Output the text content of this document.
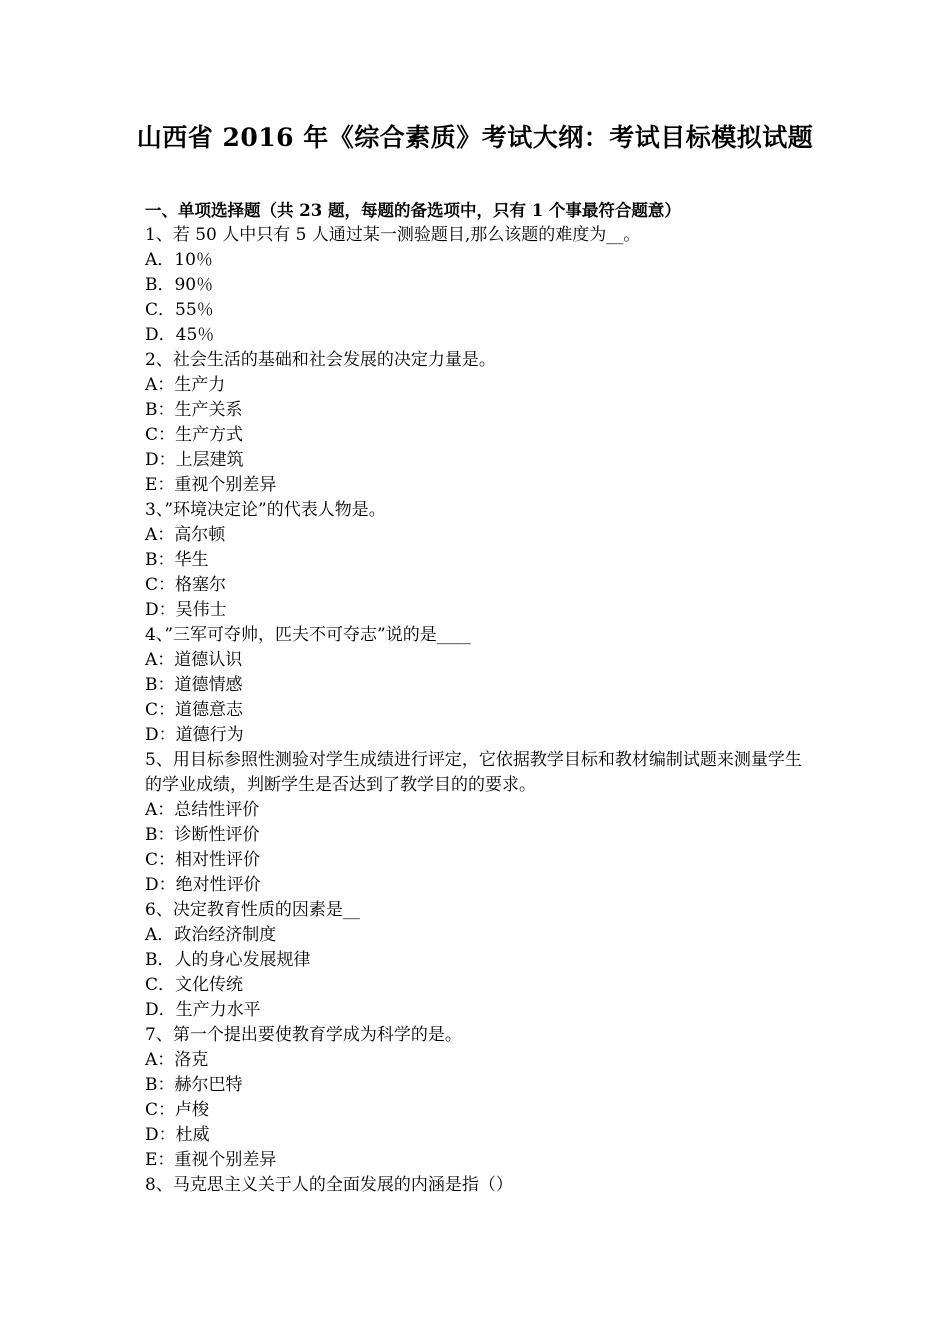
山西省 2016 年《综合素质》考试大纲：考试目标模拟试题
一、单项选择题（共 23 题，每题的备选项中，只有 1 个事最符合题意）
1、若 50 人中只有 5 人通过某一测验题目,那么该题的难度为__。
A．10％
B．90％
C．55％
D．45％
2、社会生活的基础和社会发展的决定力量是。
A：生产力
B：生产关系
C：生产方式
D：上层建筑
E：重视个别差异
3、”环境决定论”的代表人物是。
A：高尔顿
B：华生
C：格塞尔
D：吴伟士
4、”三军可夺帅，匹夫不可夺志”说的是____
A：道德认识
B：道德情感
C：道德意志
D：道德行为
5、用目标参照性测验对学生成绩进行评定，它依据教学目标和教材编制试题来测量学生的学业成绩，判断学生是否达到了教学目的的要求。
A：总结性评价
B：诊断性评价
C：相对性评价
D：绝对性评价
6、决定教育性质的因素是__
A．政治经济制度
B．人的身心发展规律
C．文化传统
D．生产力水平
7、第一个提出要使教育学成为科学的是。
A：洛克
B：赫尔巴特
C：卢梭
D：杜威
E：重视个别差异
8、马克思主义关于人的全面发展的内涵是指（）
